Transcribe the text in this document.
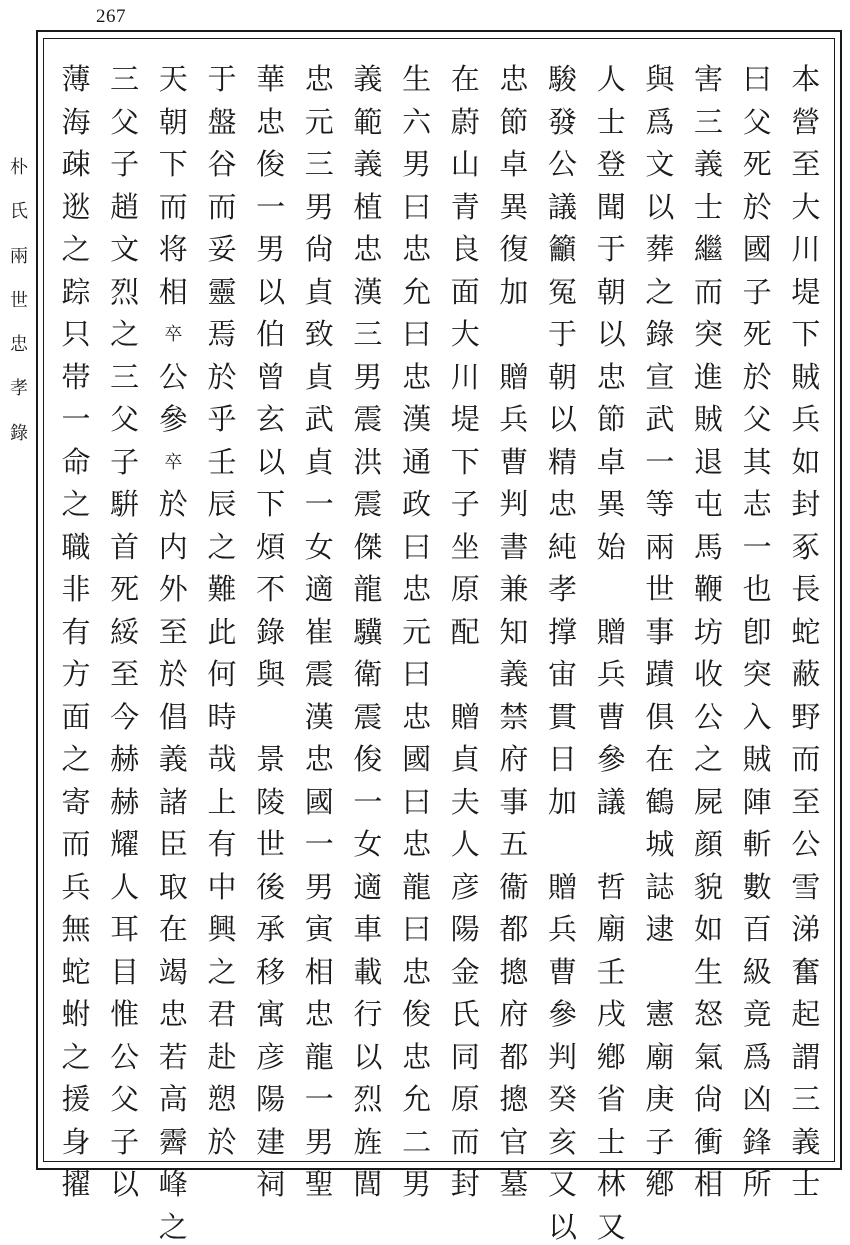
267
朴
氏
兩
世
忠
孝
錄
本
營
至
大
川
堤
下
賊
兵
如
封
豖
長
蛇
蔽
野
而
至
公
雪
涕
奮
起
謂
三
義
士
曰
父
死
於
國
子
死
於
父
其
志
一
也
卽
突
入
賊
陣
斬
數
百
級
竟
爲
凶
鋒
所
害
三
義
士
繼
而
突
進
賊
退
屯
馬
鞭
坊
收
公
之
屍
顔
貌
如
生
怒
氣
尙
衝
相
與
爲
文
以
葬
之
錄
宣
武
一
等
兩
世
事
蹟
俱
在
鶴
城
誌
逮
憲
廟
庚
子
鄕
人
士
登
聞
于
朝
以
忠
節
卓
異
始
贈
兵
曹
參
議
哲
廟
壬
戌
鄕
省
士
林
又
駿
發
公
議
籲
冤
于
朝
以
精
忠
純
孝
撑
宙
貫
日
加
贈
兵
曹
參
判
癸
亥
又
以
忠
節
卓
異
復
加
贈
兵
曹
判
書
兼
知
義
禁
府
事
五
衞
都
摠
府
都
摠
官
墓
在
蔚
山
青
良
面
大
川
堤
下
子
坐
原
配
贈
貞
夫
人
彦
陽
金
氏
同
原
而
封
生
六
男
曰
忠
允
曰
忠
漢
通
政
曰
忠
元
曰
忠
國
曰
忠
龍
曰
忠
俊
忠
允
二
男
義
範
義
植
忠
漢
三
男
震
洪
震
傑
龍
驥
衛
震
俊
一
女
適
車
載
行
以
烈
旌
閭
忠
元
三
男
尙
貞
致
貞
武
貞
一
女
適
崔
震
漢
忠
國
一
男
寅
相
忠
龍
一
男
聖
華
忠
俊
一
男
以
伯
曾
玄
以
下
煩
不
錄
與
景
陵
世
後
承
移
寓
彦
陽
建
祠
于
盤
谷
而
妥
靈
焉
於
乎
壬
辰
之
難
此
何
時
哉
上
有
中
興
之
君
赴
愬
於
天
朝
下
而
将
相
卒
公
參
卒
於
内
外
至
於
倡
義
諸
臣
取
在
竭
忠
若
高
霽
峰
之
三
父
子
趙
文
烈
之
三
父
子
騈
首
死
綏
至
今
赫
赫
耀
人
耳
目
惟
公
父
子
以
薄
海
疎
逖
之
踪
只
帯
一
命
之
職
非
有
方
面
之
寄
而
兵
無
蛇
蚹
之
援
身
擢
